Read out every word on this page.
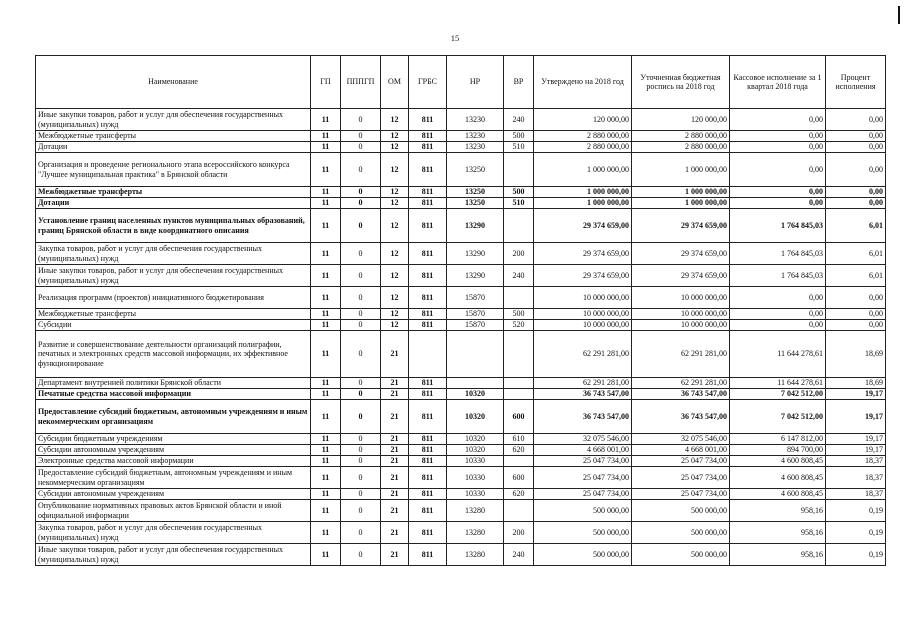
15
Наименование	ГП	ПППГП	ОМ	ГРБС	НР	ВР	Утверждено на 2018 год	Уточненная бюджетная роспись на 2018 год	Кассовое исполнение за 1 квартал 2018 года	Процент исполнения
Иные закупки товаров, работ и услуг для обеспечения государственных (муниципальных) нужд	11	0	12	811	13230	240	120 000,00	120 000,00	0,00	0,00
Межбюджетные трансферты	11	0	12	811	13230	500	2 880 000,00	2 880 000,00	0,00	0,00
Дотации	11	0	12	811	13230	510	2 880 000,00	2 880 000,00	0,00	0,00
Организация и проведение регионального этапа всероссийского конкурса "Лучшее муниципальная практика" в Брянской области	11	0	12	811	13250		1 000 000,00	1 000 000,00	0,00	0,00
Межбюджетные трансферты	11	0	12	811	13250	500	1 000 000,00	1 000 000,00	0,00	0,00
Дотации	11	0	12	811	13250	510	1 000 000,00	1 000 000,00	0,00	0,00
Установление границ населенных пунктов муниципальных образований, границ Брянской области в виде координатного описания	11	0	12	811	13290		29 374 659,00	29 374 659,00	1 764 845,03	6,01
Закупка товаров, работ и услуг для обеспечения государственных (муниципальных) нужд	11	0	12	811	13290	200	29 374 659,00	29 374 659,00	1 764 845,03	6,01
Иные закупки товаров, работ и услуг для обеспечения государственных (муниципальных) нужд	11	0	12	811	13290	240	29 374 659,00	29 374 659,00	1 764 845,03	6,01
Реализация программ (проектов) инициативного бюджетирования	11	0	12	811	15870		10 000 000,00	10 000 000,00	0,00	0,00
Межбюджетные трансферты	11	0	12	811	15870	500	10 000 000,00	10 000 000,00	0,00	0,00
Субсидии	11	0	12	811	15870	520	10 000 000,00	10 000 000,00	0,00	0,00
Развитие и совершенствование деятельности организаций полиграфии, печатных и электронных средств массовой информации, их эффективное функционирование	11	0	21				62 291 281,00	62 291 281,00	11 644 278,61	18,69
Департамент внутренней политики Брянской области	11	0	21	811			62 291 281,00	62 291 281,00	11 644 278,61	18,69
Печатные средства массовой информации	11	0	21	811	10320		36 743 547,00	36 743 547,00	7 042 512,00	19,17
Предоставление субсидий бюджетным, автономным учреждениям и иным некоммерческим организациям	11	0	21	811	10320	600	36 743 547,00	36 743 547,00	7 042 512,00	19,17
Субсидии бюджетным учреждениям	11	0	21	811	10320	610	32 075 546,00	32 075 546,00	6 147 812,00	19,17
Субсидии автономным учреждениям	11	0	21	811	10320	620	4 668 001,00	4 668 001,00	894 700,00	19,17
Электронные средства массовой информации	11	0	21	811	10330		25 047 734,00	25 047 734,00	4 600 808,45	18,37
Предоставление субсидий бюджетным, автономным учреждениям и иным некоммерческим организациям	11	0	21	811	10330	600	25 047 734,00	25 047 734,00	4 600 808,45	18,37
Субсидии автономным учреждениям	11	0	21	811	10330	620	25 047 734,00	25 047 734,00	4 600 808,45	18,37
Опубликование нормативных правовых актов Брянской области и иной официальной информации	11	0	21	811	13280		500 000,00	500 000,00	958,16	0,19
Закупка товаров, работ и услуг для обеспечения государственных (муниципальных) нужд	11	0	21	811	13280	200	500 000,00	500 000,00	958,16	0,19
Иные закупки товаров, работ и услуг для обеспечения государственных (муниципальных) нужд	11	0	21	811	13280	240	500 000,00	500 000,00	958,16	0,19
